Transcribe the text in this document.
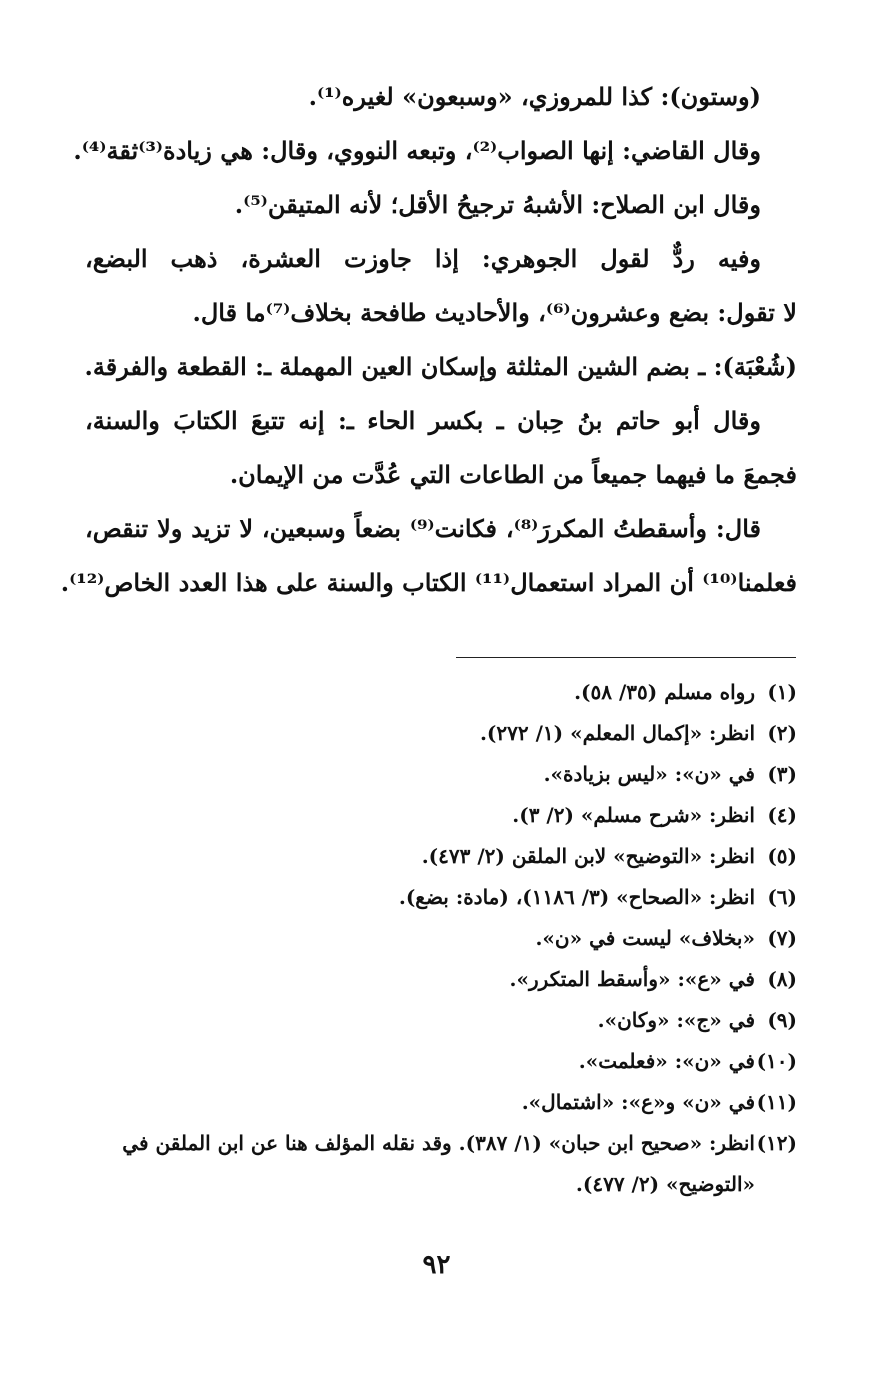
(وستون): كذا للمروزي، «وسبعون» لغيره⁽¹⁾.
وقال القاضي: إنها الصواب⁽²⁾، وتبعه النووي، وقال: هي زيادة⁽³⁾ثقة⁽⁴⁾.
وقال ابن الصلاح: الأشبهُ ترجيحُ الأقل؛ لأنه المتيقن⁽⁵⁾.
وفيه ردٌّ لقول الجوهري: إذا جاوزت العشرة، ذهب البضع،
لا تقول: بضع وعشرون⁽⁶⁾، والأحاديث طافحة بخلاف⁽⁷⁾ما قال.
(شُعْبَة): ـ بضم الشين المثلثة وإسكان العين المهملة ـ: القطعة والفرقة.
وقال أبو حاتم بنُ حِبان ـ بكسر الحاء ـ: إنه تتبعَ الكتابَ والسنة،
فجمعَ ما فيهما جميعاً من الطاعات التي عُدَّت من الإيمان.
قال: وأسقطتُ المكررَ⁽⁸⁾، فكانت⁽⁹⁾ بضعاً وسبعين، لا تزيد ولا تنقص،
فعلمنا⁽¹⁰⁾ أن المراد استعمال⁽¹¹⁾ الكتاب والسنة على هذا العدد الخاص⁽¹²⁾.
(١)رواه مسلم (٣٥/ ٥٨).
(٢)انظر: «إكمال المعلم» (١/ ٢٧٢).
(٣)في «ن»: «ليس بزيادة».
(٤)انظر: «شرح مسلم» (٢/ ٣).
(٥)انظر: «التوضيح» لابن الملقن (٢/ ٤٧٣).
(٦)انظر: «الصحاح» (٣/ ١١٨٦)، (مادة: بضع).
(٧)«بخلاف» ليست في «ن».
(٨)في «ع»: «وأسقط المتكرر».
(٩)في «ج»: «وكان».
(١٠)في «ن»: «فعلمت».
(١١)في «ن» و«ع»: «اشتمال».
(١٢)انظر: «صحيح ابن حبان» (١/ ٣٨٧). وقد نقله المؤلف هنا عن ابن الملقن في
«التوضيح» (٢/ ٤٧٧).
٩٢
